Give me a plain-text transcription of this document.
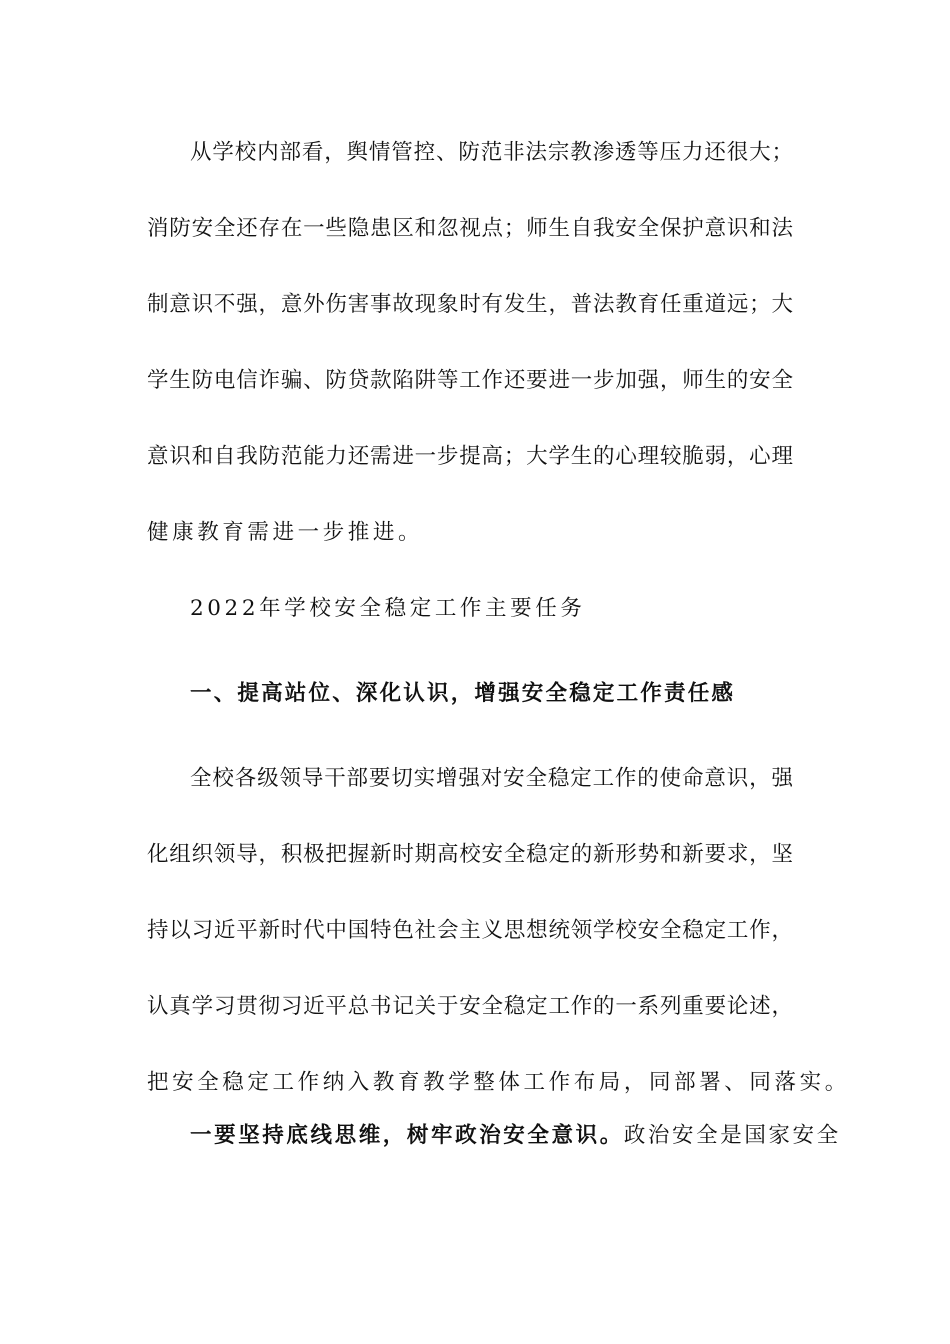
从学校内部看，舆情管控、防范非法宗教渗透等压力还很大；
消防安全还存在一些隐患区和忽视点；师生自我安全保护意识和法
制意识不强，意外伤害事故现象时有发生，普法教育任重道远；大
学生防电信诈骗、防贷款陷阱等工作还要进一步加强，师生的安全
意识和自我防范能力还需进一步提高；大学生的心理较脆弱，心理
健康教育需进一步推进。
2022年学校安全稳定工作主要任务
一、提高站位、深化认识，增强安全稳定工作责任感
全校各级领导干部要切实增强对安全稳定工作的使命意识，强
化组织领导，积极把握新时期高校安全稳定的新形势和新要求，坚
持以习近平新时代中国特色社会主义思想统领学校安全稳定工作，
认真学习贯彻习近平总书记关于安全稳定工作的一系列重要论述，
把安全稳定工作纳入教育教学整体工作布局，同部署、同落实。
一要坚持底线思维，树牢政治安全意识。政治安全是国家安全
